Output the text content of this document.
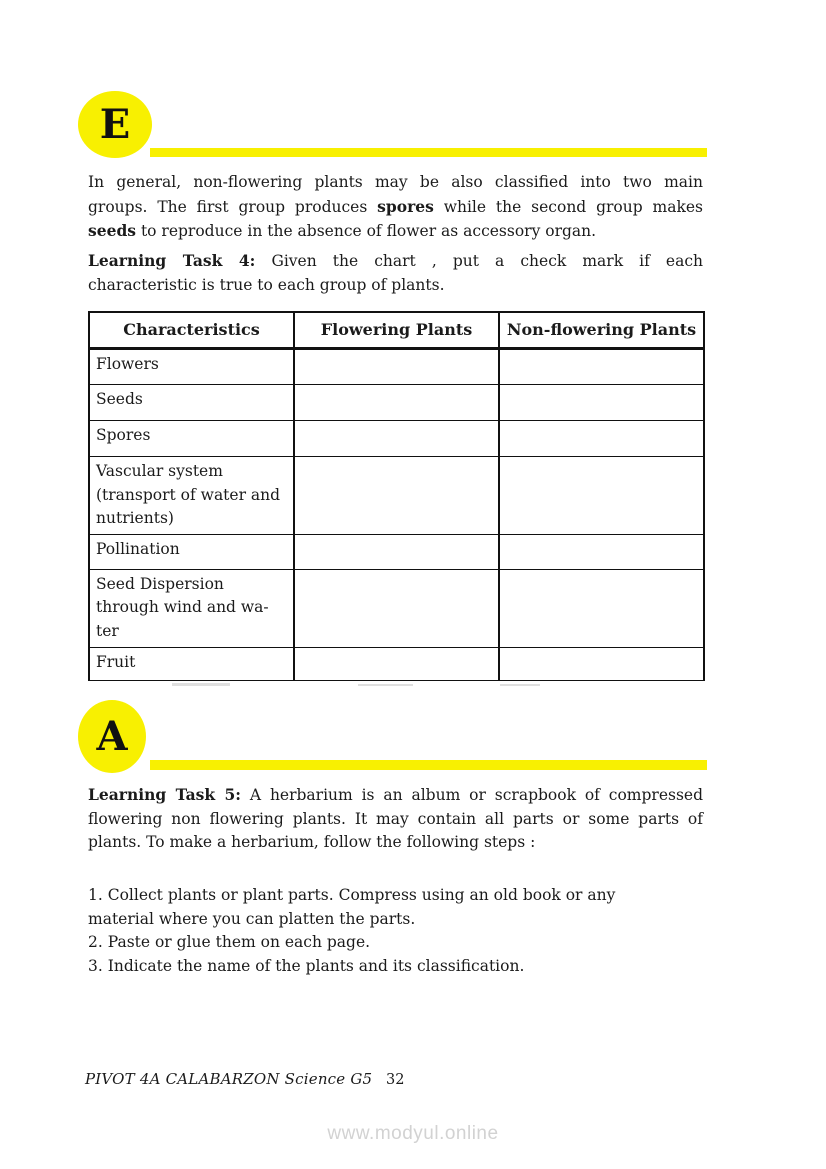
E
In general, non-flowering plants may be also classified into two main
groups. The first group produces spores while the second group makes
seeds to reproduce in the absence of flower as accessory organ.
Learning Task 4: Given the chart , put a check mark if each
characteristic is true to each group of plants.
Characteristics	Flowering Plants	Non-flowering Plants

Flowers		

Seeds		

Spores		

Vascular system
(transport of water and
nutrients)		

Pollination		

Seed Dispersion
through wind and wa-
ter		

Fruit		

A
Learning Task 5: A herbarium is an album or scrapbook of compressed
flowering non flowering plants. It may contain all parts or some parts of
plants. To make a herbarium, follow the following steps :
1. Collect plants or plant parts. Compress using an old book or any
material where you can platten the parts.
2. Paste or glue them on each page.
3. Indicate the name of the plants and its classification.
PIVOT 4A CALABARZON Science G5 32
www.modyul.online
